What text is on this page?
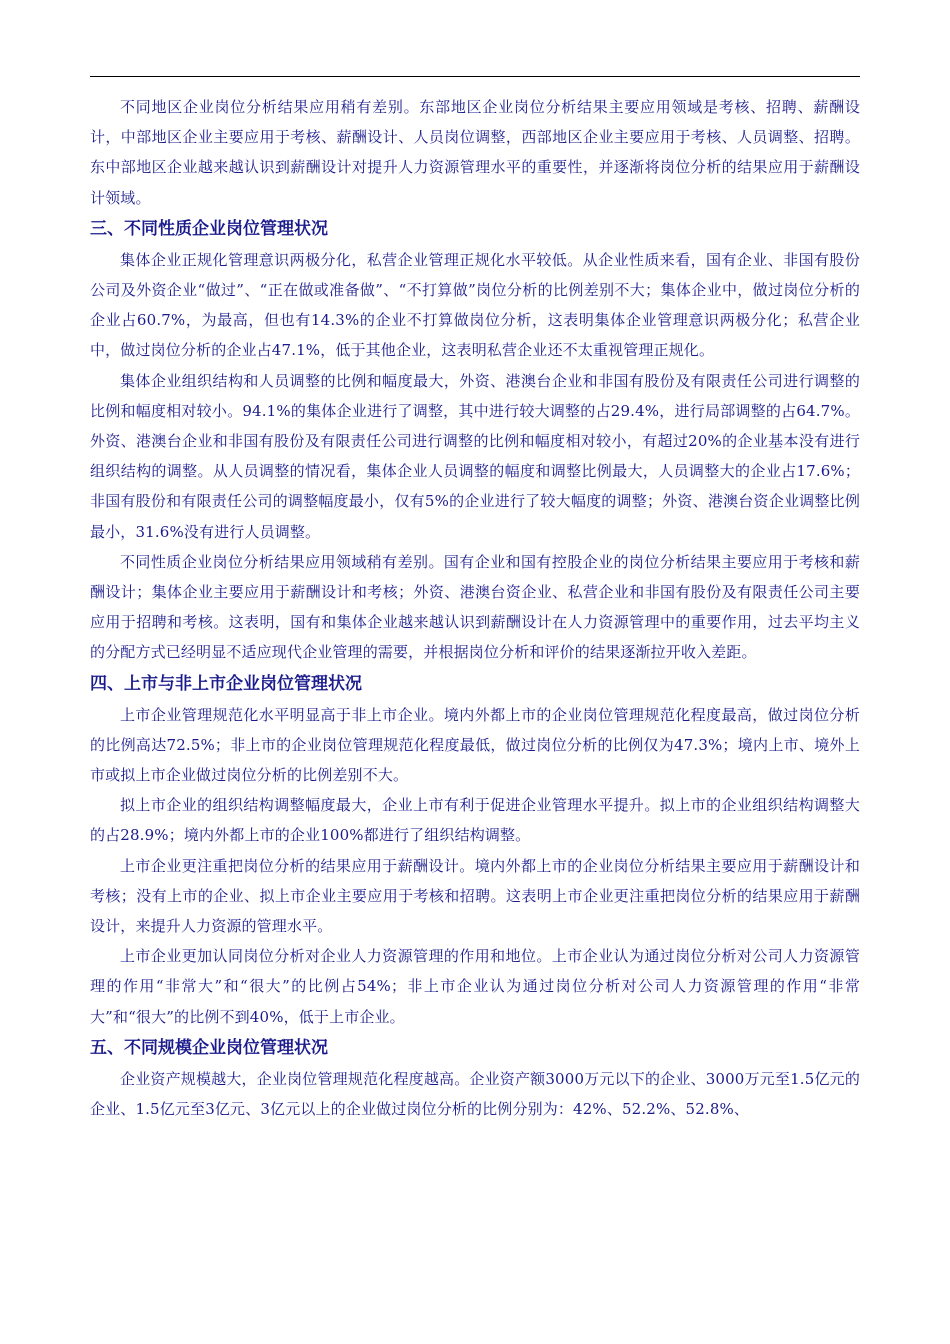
不同地区企业岗位分析结果应用稍有差别。东部地区企业岗位分析结果主要应用领域是考核、招聘、薪酬设计，中部地区企业主要应用于考核、薪酬设计、人员岗位调整，西部地区企业主要应用于考核、人员调整、招聘。东中部地区企业越来越认识到薪酬设计对提升人力资源管理水平的重要性，并逐渐将岗位分析的结果应用于薪酬设计领域。

三、不同性质企业岗位管理状况

集体企业正规化管理意识两极分化，私营企业管理正规化水平较低。从企业性质来看，国有企业、非国有股份公司及外资企业“做过”、“正在做或准备做”、“不打算做”岗位分析的比例差别不大；集体企业中，做过岗位分析的企业占60.7%，为最高，但也有14.3%的企业不打算做岗位分析，这表明集体企业管理意识两极分化；私营企业中，做过岗位分析的企业占47.1%，低于其他企业，这表明私营企业还不太重视管理正规化。

集体企业组织结构和人员调整的比例和幅度最大，外资、港澳台企业和非国有股份及有限责任公司进行调整的比例和幅度相对较小。94.1%的集体企业进行了调整，其中进行较大调整的占29.4%，进行局部调整的占64.7%。外资、港澳台企业和非国有股份及有限责任公司进行调整的比例和幅度相对较小，有超过20%的企业基本没有进行组织结构的调整。从人员调整的情况看，集体企业人员调整的幅度和调整比例最大，人员调整大的企业占17.6%；非国有股份和有限责任公司的调整幅度最小，仅有5%的企业进行了较大幅度的调整；外资、港澳台资企业调整比例最小，31.6%没有进行人员调整。

不同性质企业岗位分析结果应用领域稍有差别。国有企业和国有控股企业的岗位分析结果主要应用于考核和薪酬设计；集体企业主要应用于薪酬设计和考核；外资、港澳台资企业、私营企业和非国有股份及有限责任公司主要应用于招聘和考核。这表明，国有和集体企业越来越认识到薪酬设计在人力资源管理中的重要作用，过去平均主义的分配方式已经明显不适应现代企业管理的需要，并根据岗位分析和评价的结果逐渐拉开收入差距。

四、上市与非上市企业岗位管理状况

上市企业管理规范化水平明显高于非上市企业。境内外都上市的企业岗位管理规范化程度最高，做过岗位分析的比例高达72.5%；非上市的企业岗位管理规范化程度最低，做过岗位分析的比例仅为47.3%；境内上市、境外上市或拟上市企业做过岗位分析的比例差别不大。

拟上市企业的组织结构调整幅度最大，企业上市有利于促进企业管理水平提升。拟上市的企业组织结构调整大的占28.9%；境内外都上市的企业100%都进行了组织结构调整。

上市企业更注重把岗位分析的结果应用于薪酬设计。境内外都上市的企业岗位分析结果主要应用于薪酬设计和考核；没有上市的企业、拟上市企业主要应用于考核和招聘。这表明上市企业更注重把岗位分析的结果应用于薪酬设计，来提升人力资源的管理水平。

上市企业更加认同岗位分析对企业人力资源管理的作用和地位。上市企业认为通过岗位分析对公司人力资源管理的作用“非常大”和“很大”的比例占54%；非上市企业认为通过岗位分析对公司人力资源管理的作用“非常大”和“很大”的比例不到40%，低于上市企业。

五、不同规模企业岗位管理状况

企业资产规模越大，企业岗位管理规范化程度越高。企业资产额3000万元以下的企业、3000万元至1.5亿元的企业、1.5亿元至3亿元、3亿元以上的企业做过岗位分析的比例分别为：42%、52.2%、52.8%、
